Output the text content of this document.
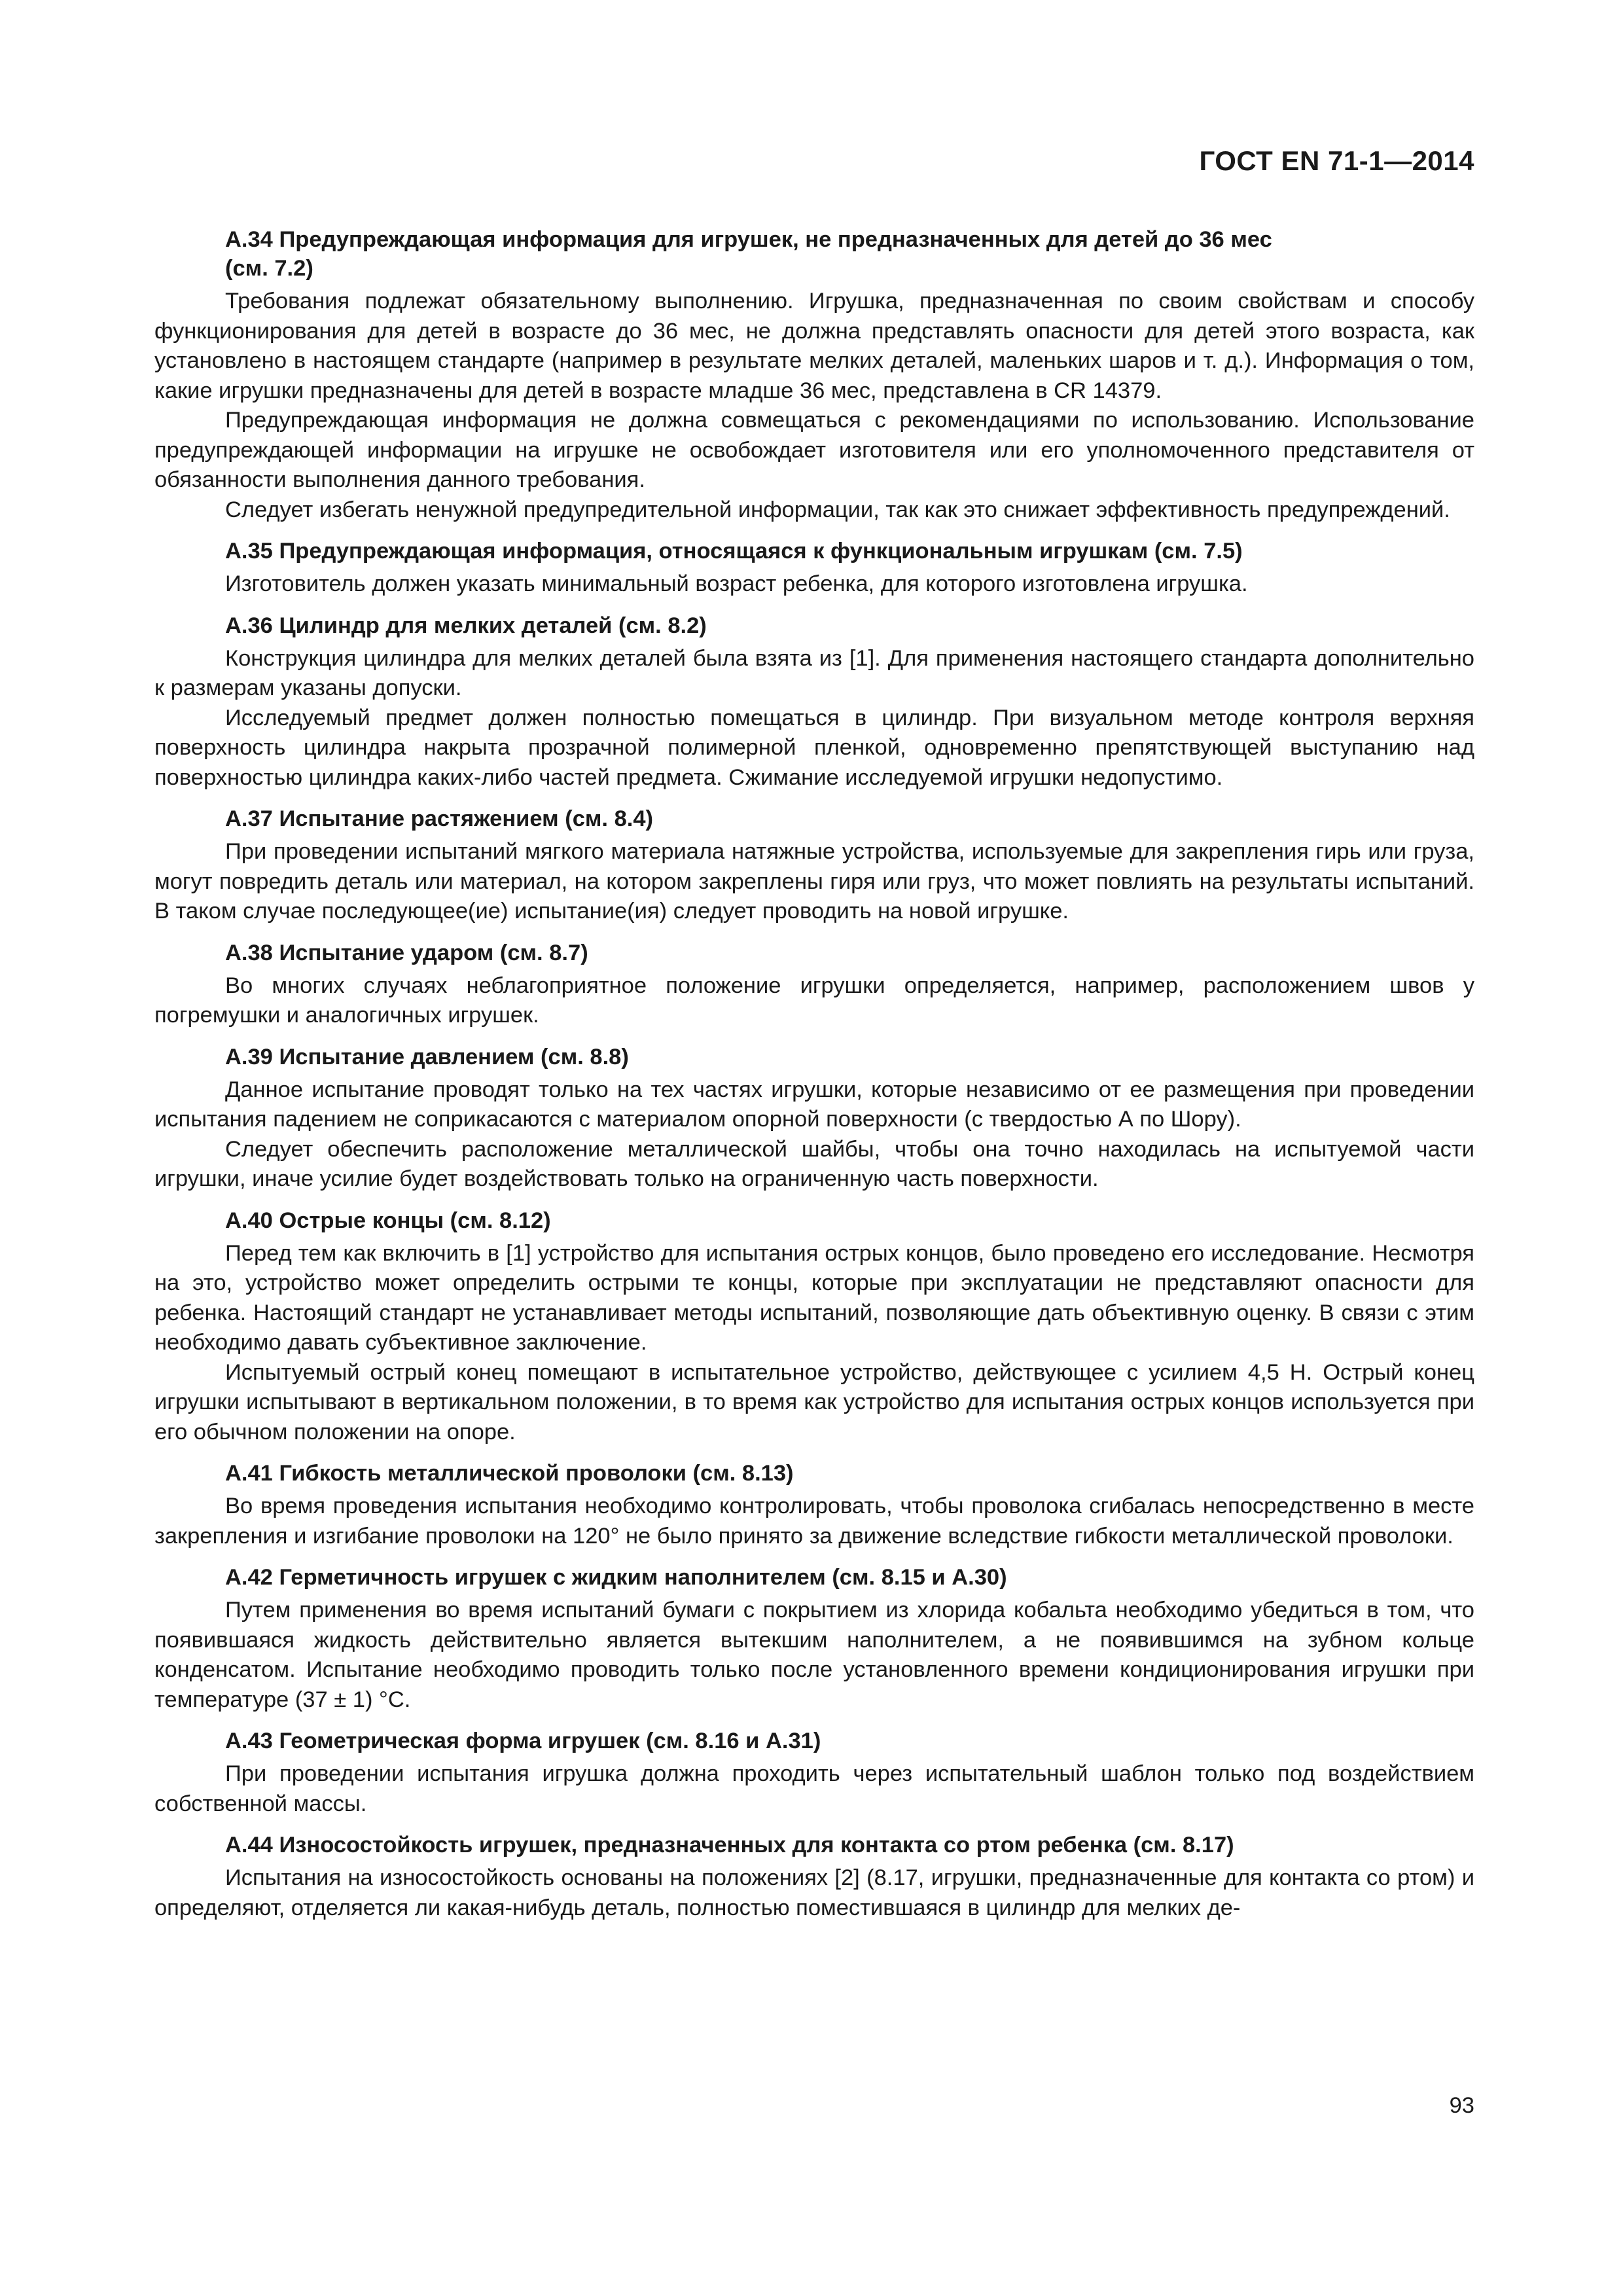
ГОСТ EN 71-1—2014
А.34 Предупреждающая информация для игрушек, не предназначенных для детей до 36 мес (см. 7.2)

Требования подлежат обязательному выполнению. Игрушка, предназначенная по своим свойствам и способу функционирования для детей в возрасте до 36 мес, не должна представлять опасности для детей этого возраста, как установлено в настоящем стандарте (например в результате мелких деталей, маленьких шаров и т. д.). Информация о том, какие игрушки предназначены для детей в возрасте младше 36 мес, представлена в CR 14379.

Предупреждающая информация не должна совмещаться с рекомендациями по использованию. Использование предупреждающей информации на игрушке не освобождает изготовителя или его уполномоченного представителя от обязанности выполнения данного требования.

Следует избегать ненужной предупредительной информации, так как это снижает эффективность предупреждений.

А.35 Предупреждающая информация, относящаяся к функциональным игрушкам (см. 7.5)

Изготовитель должен указать минимальный возраст ребенка, для которого изготовлена игрушка.

А.36 Цилиндр для мелких деталей (см. 8.2)

Конструкция цилиндра для мелких деталей была взята из [1]. Для применения настоящего стандарта дополнительно к размерам указаны допуски.

Исследуемый предмет должен полностью помещаться в цилиндр. При визуальном методе контроля верхняя поверхность цилиндра накрыта прозрачной полимерной пленкой, одновременно препятствующей выступанию над поверхностью цилиндра каких-либо частей предмета. Сжимание исследуемой игрушки недопустимо.

А.37 Испытание растяжением (см. 8.4)

При проведении испытаний мягкого материала натяжные устройства, используемые для закрепления гирь или груза, могут повредить деталь или материал, на котором закреплены гиря или груз, что может повлиять на результаты испытаний. В таком случае последующее(ие) испытание(ия) следует проводить на новой игрушке.

А.38 Испытание ударом (см. 8.7)

Во многих случаях неблагоприятное положение игрушки определяется, например, расположением швов у погремушки и аналогичных игрушек.

А.39 Испытание давлением (см. 8.8)

Данное испытание проводят только на тех частях игрушки, которые независимо от ее размещения при проведении испытания падением не соприкасаются с материалом опорной поверхности (с твердостью А по Шору).

Следует обеспечить расположение металлической шайбы, чтобы она точно находилась на испытуемой части игрушки, иначе усилие будет воздействовать только на ограниченную часть поверхности.

А.40 Острые концы (см. 8.12)

Перед тем как включить в [1] устройство для испытания острых концов, было проведено его исследование. Несмотря на это, устройство может определить острыми те концы, которые при эксплуатации не представляют опасности для ребенка. Настоящий стандарт не устанавливает методы испытаний, позволяющие дать объективную оценку. В связи с этим необходимо давать субъективное заключение.

Испытуемый острый конец помещают в испытательное устройство, действующее с усилием 4,5 Н. Острый конец игрушки испытывают в вертикальном положении, в то время как устройство для испытания острых концов используется при его обычном положении на опоре.

А.41 Гибкость металлической проволоки (см. 8.13)

Во время проведения испытания необходимо контролировать, чтобы проволока сгибалась непосредственно в месте закрепления и изгибание проволоки на 120° не было принято за движение вследствие гибкости металлической проволоки.

А.42 Герметичность игрушек с жидким наполнителем (см. 8.15 и А.30)

Путем применения во время испытаний бумаги с покрытием из хлорида кобальта необходимо убедиться в том, что появившаяся жидкость действительно является вытекшим наполнителем, а не появившимся на зубном кольце конденсатом. Испытание необходимо проводить только после установленного времени кондиционирования игрушки при температуре (37 ± 1) °С.

А.43 Геометрическая форма игрушек (см. 8.16 и А.31)

При проведении испытания игрушка должна проходить через испытательный шаблон только под воздействием собственной массы.

А.44 Износостойкость игрушек, предназначенных для контакта со ртом ребенка (см. 8.17)

Испытания на износостойкость основаны на положениях [2] (8.17, игрушки, предназначенные для контакта со ртом) и определяют, отделяется ли какая-нибудь деталь, полностью поместившаяся в цилиндр для мелких де-

93
